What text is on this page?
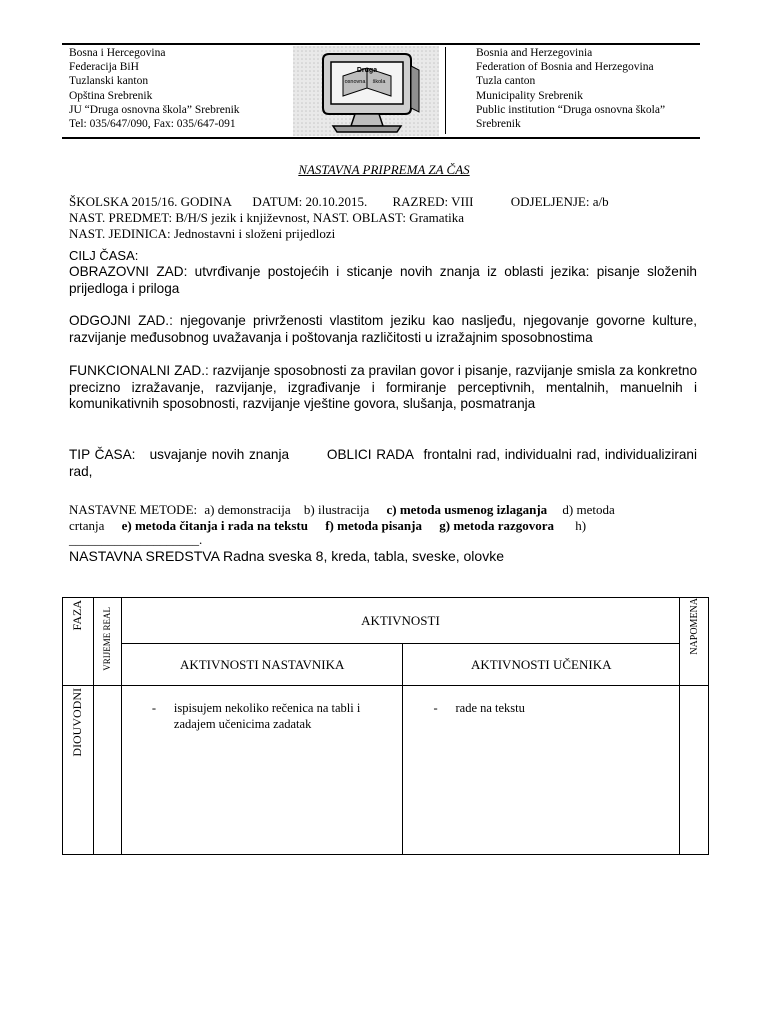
Bosna i Hercegovina
Federacija BiH
Tuzlanski kanton
Opština Srebrenik
JU “Druga osnovna škola” Srebrenik
Tel: 035/647/090, Fax: 035/647-091
Druga
osnovna škola
Bosnia and Herzegovinia
Federation of Bosnia and Herzegovina
Tuzla canton
Municipality Srebrenik
Public institution “Druga osnovna škola”
Srebrenik
NASTAVNA PRIPREMA ZA ČAS
ŠKOLSKA 2015/16. GODINA DATUM: 20.10.2015. RAZRED: VIII	ODJELJENJE: a/b
NAST. PREDMET: B/H/S jezik i književnost, NAST. OBLAST: Gramatika
NAST. JEDINICA: Jednostavni i složeni prijedlozi
CILJ ČASA:
OBRAZOVNI ZAD: utvrđivanje postojećih i sticanje novih znanja iz oblasti jezika: pisanje složenih prijedloga i priloga
ODGOJNI ZAD.: njegovanje privrženosti vlastitom jeziku kao nasljeđu, njegovanje govorne kulture, razvijanje međusobnog uvažavanja i poštovanja različitosti u izražajnim sposobnostima
FUNKCIONALNI ZAD.: razvijanje sposobnosti za pravilan govor i pisanje, razvijanje smisla za konkretno precizno izražavanje, razvijanje, izgrađivanje i formiranje perceptivnih, mentalnih, manuelnih i komunikativnih sposobnosti, razvijanje vještine govora, slušanja, posmatranja
TIP ČASA: usvajanje novih znanja	OBLICI RADA frontalni rad, individualni rad, individualizirani rad,
NASTAVNE METODE: a) demonstracija b) ilustracija c) metoda usmenog izlaganja d) metoda
crtanja e) metoda čitanja i rada na tekstu f) metoda pisanja g) metoda razgovora h)
____________________.
NASTAVNA SREDSTVA Radna sveska 8, kreda, tabla, sveske, olovke
FAZA	VRIJEME REAL	AKTIVNOSTI		NAPOMENA

		AKTIVNOSTI NASTAVNIKA	AKTIVNOSTI UČENIKA	

DIOUVODNI		- ispisujem nekoliko rečenica na tabli i zadajem učenicima zadatak	- rade na tekstu	
